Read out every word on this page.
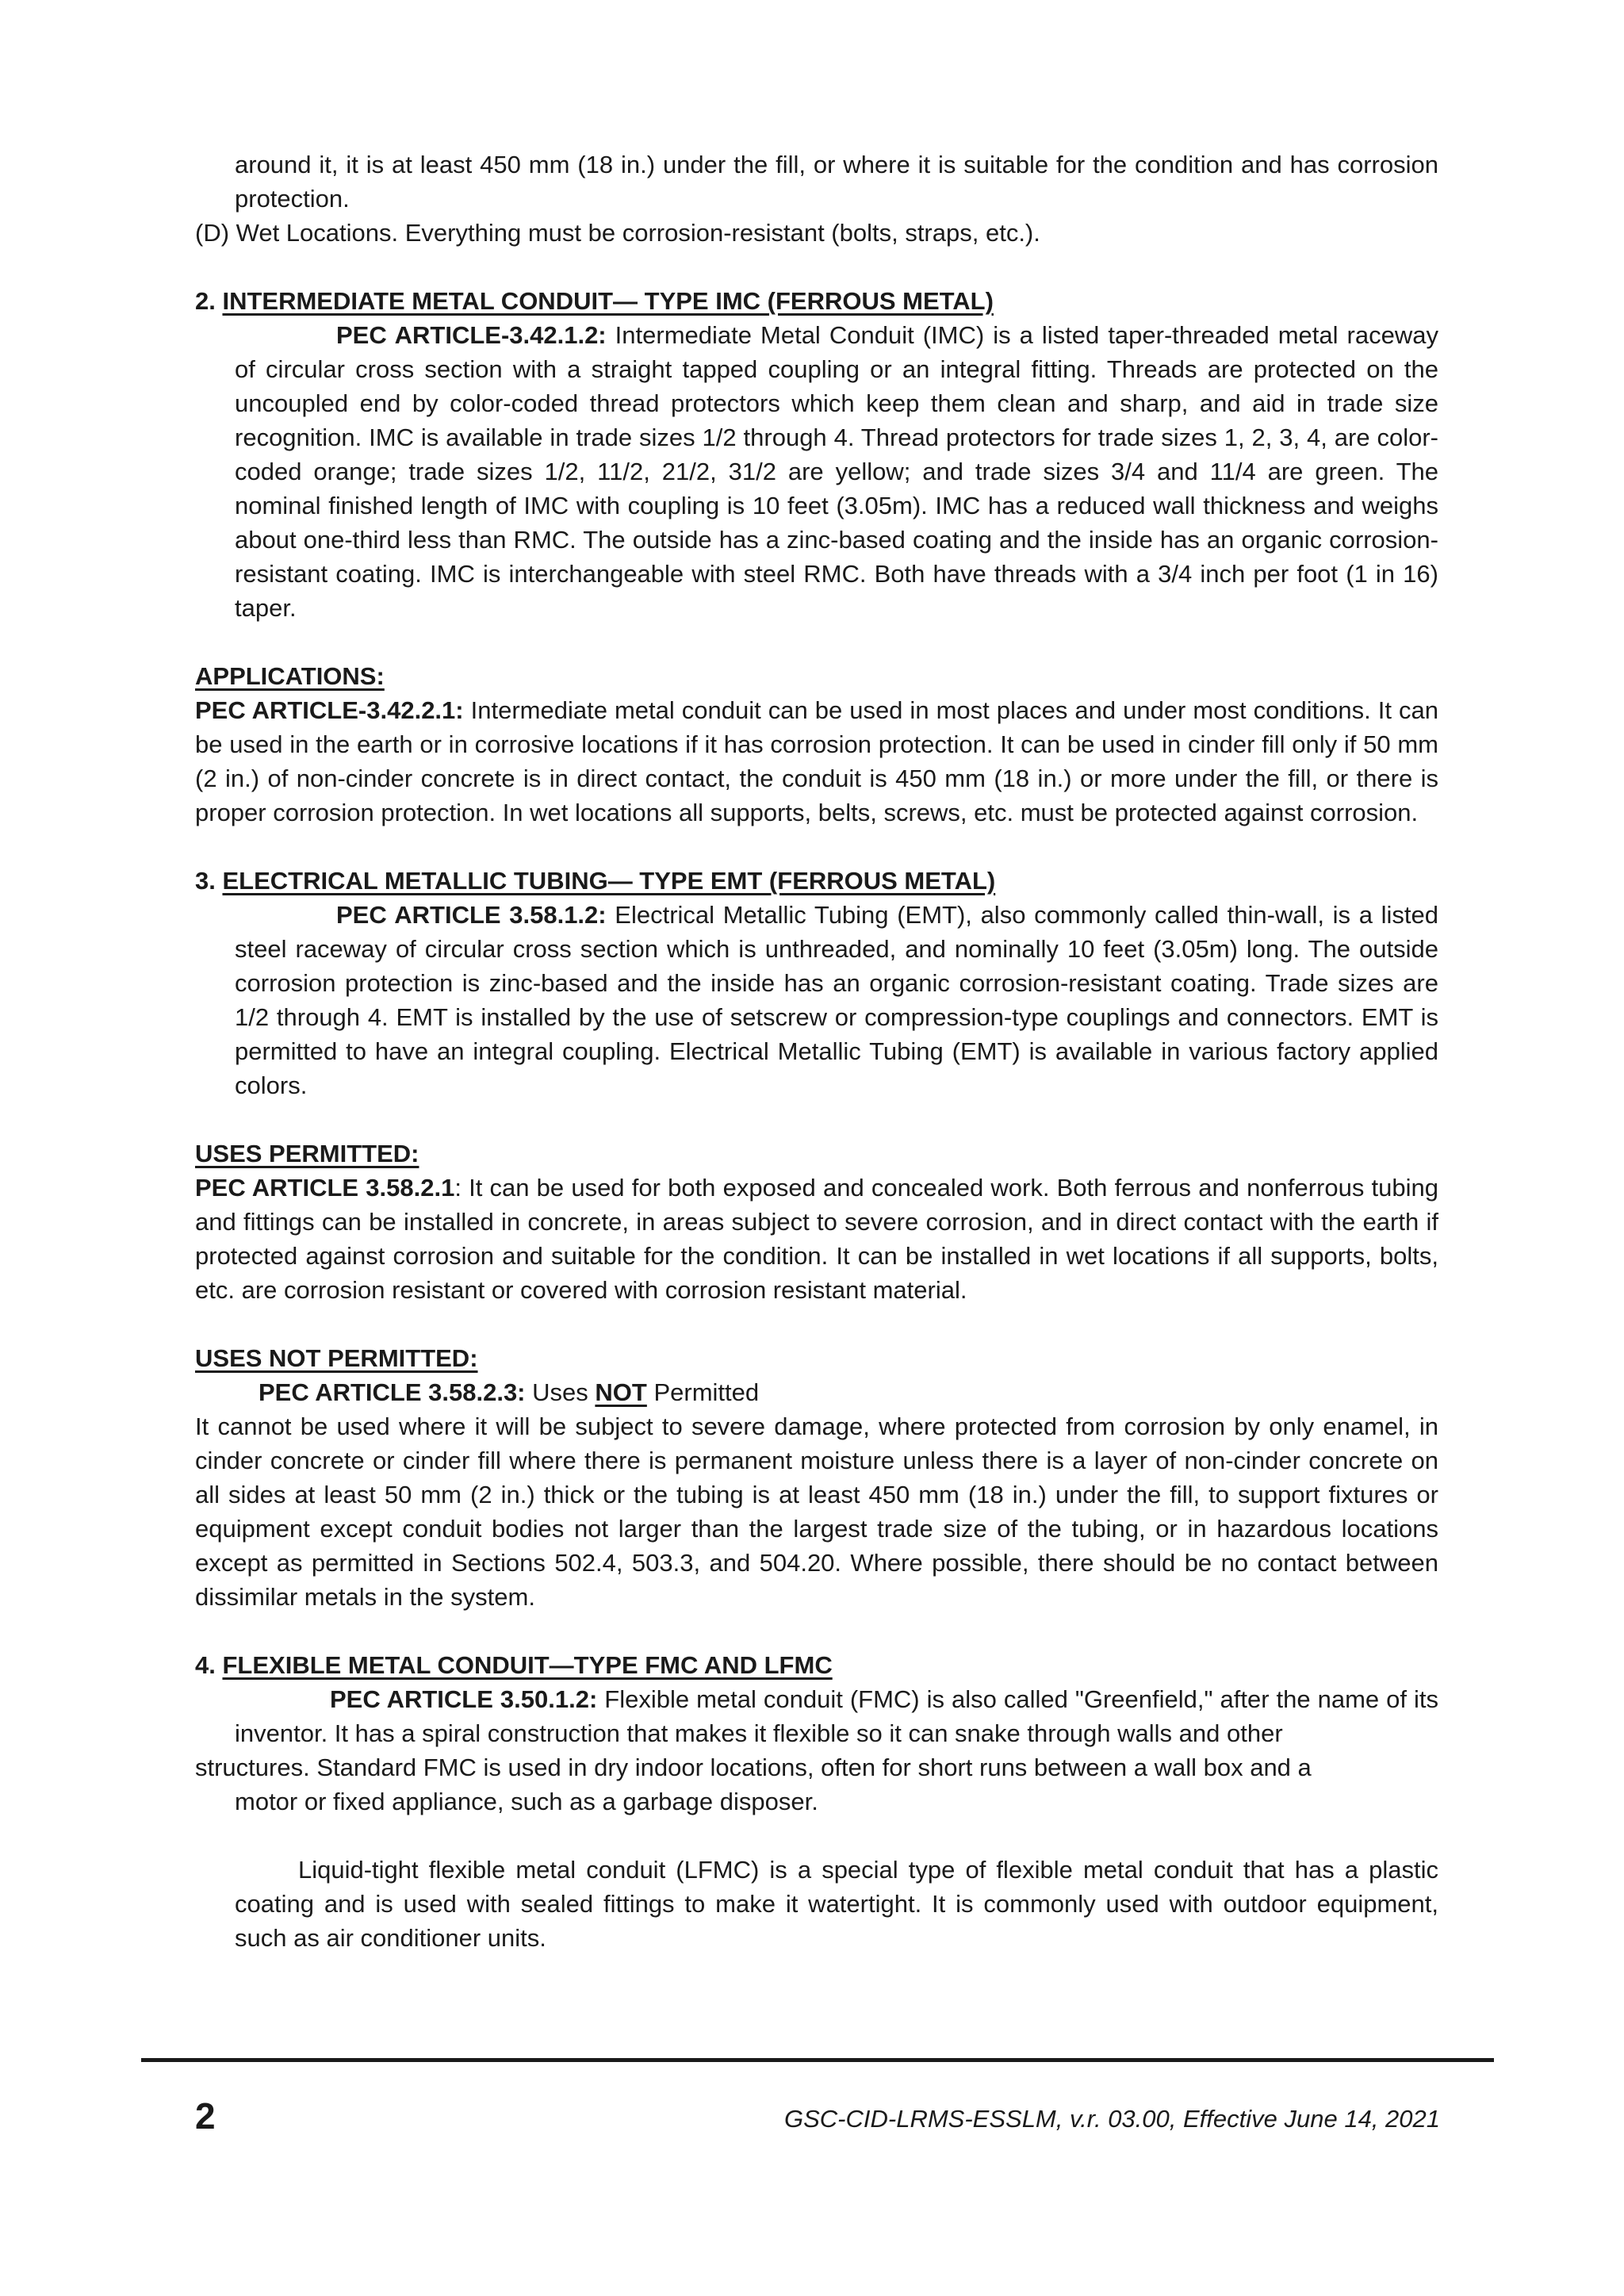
around it, it is at least 450 mm (18 in.) under the fill, or where it is suitable for the condition and has corrosion protection.

(D) Wet Locations. Everything must be corrosion-resistant (bolts, straps, etc.).

2. INTERMEDIATE METAL CONDUIT— TYPE IMC (FERROUS METAL)

PEC ARTICLE-3.42.1.2: Intermediate Metal Conduit (IMC) is a listed taper-threaded metal raceway of circular cross section with a straight tapped coupling or an integral fitting. Threads are protected on the uncoupled end by color-coded thread protectors which keep them clean and sharp, and aid in trade size recognition. IMC is available in trade sizes 1/2 through 4. Thread protectors for trade sizes 1, 2, 3, 4, are color-coded orange; trade sizes 1/2, 11/2, 21/2, 31/2 are yellow; and trade sizes 3/4 and 11/4 are green. The nominal finished length of IMC with coupling is 10 feet (3.05m). IMC has a reduced wall thickness and weighs about one-third less than RMC. The outside has a zinc-based coating and the inside has an organic corrosion-resistant coating. IMC is interchangeable with steel RMC. Both have threads with a 3/4 inch per foot (1 in 16) taper.

APPLICATIONS:

PEC ARTICLE-3.42.2.1: Intermediate metal conduit can be used in most places and under most conditions. It can be used in the earth or in corrosive locations if it has corrosion protection. It can be used in cinder fill only if 50 mm (2 in.) of non-cinder concrete is in direct contact, the conduit is 450 mm (18 in.) or more under the fill, or there is proper corrosion protection. In wet locations all supports, belts, screws, etc. must be protected against corrosion.

3. ELECTRICAL METALLIC TUBING— TYPE EMT (FERROUS METAL)

PEC ARTICLE 3.58.1.2: Electrical Metallic Tubing (EMT), also commonly called thin-wall, is a listed steel raceway of circular cross section which is unthreaded, and nominally 10 feet (3.05m) long. The outside corrosion protection is zinc-based and the inside has an organic corrosion-resistant coating. Trade sizes are 1/2 through 4. EMT is installed by the use of setscrew or compression-type couplings and connectors. EMT is permitted to have an integral coupling. Electrical Metallic Tubing (EMT) is available in various factory applied colors.

USES PERMITTED:

PEC ARTICLE 3.58.2.1: It can be used for both exposed and concealed work. Both ferrous and nonferrous tubing and fittings can be installed in concrete, in areas subject to severe corrosion, and in direct contact with the earth if protected against corrosion and suitable for the condition. It can be installed in wet locations if all supports, bolts, etc. are corrosion resistant or covered with corrosion resistant material.

USES NOT PERMITTED:

PEC ARTICLE 3.58.2.3: Uses NOT Permitted

It cannot be used where it will be subject to severe damage, where protected from corrosion by only enamel, in cinder concrete or cinder fill where there is permanent moisture unless there is a layer of non-cinder concrete on all sides at least 50 mm (2 in.) thick or the tubing is at least 450 mm (18 in.) under the fill, to support fixtures or equipment except conduit bodies not larger than the largest trade size of the tubing, or in hazardous locations except as permitted in Sections 502.4, 503.3, and 504.20. Where possible, there should be no contact between dissimilar metals in the system.

4. FLEXIBLE METAL CONDUIT—TYPE FMC AND LFMC

PEC ARTICLE 3.50.1.2: Flexible metal conduit (FMC) is also called "Greenfield," after the name of its inventor. It has a spiral construction that makes it flexible so it can snake through walls and other

structures. Standard FMC is used in dry indoor locations, often for short runs between a wall box and a

motor or fixed appliance, such as a garbage disposer.

Liquid-tight flexible metal conduit (LFMC) is a special type of flexible metal conduit that has a plastic coating and is used with sealed fittings to make it watertight. It is commonly used with outdoor equipment, such as air conditioner units.

2	GSC-CID-LRMS-ESSLM, v.r. 03.00, Effective June 14, 2021
